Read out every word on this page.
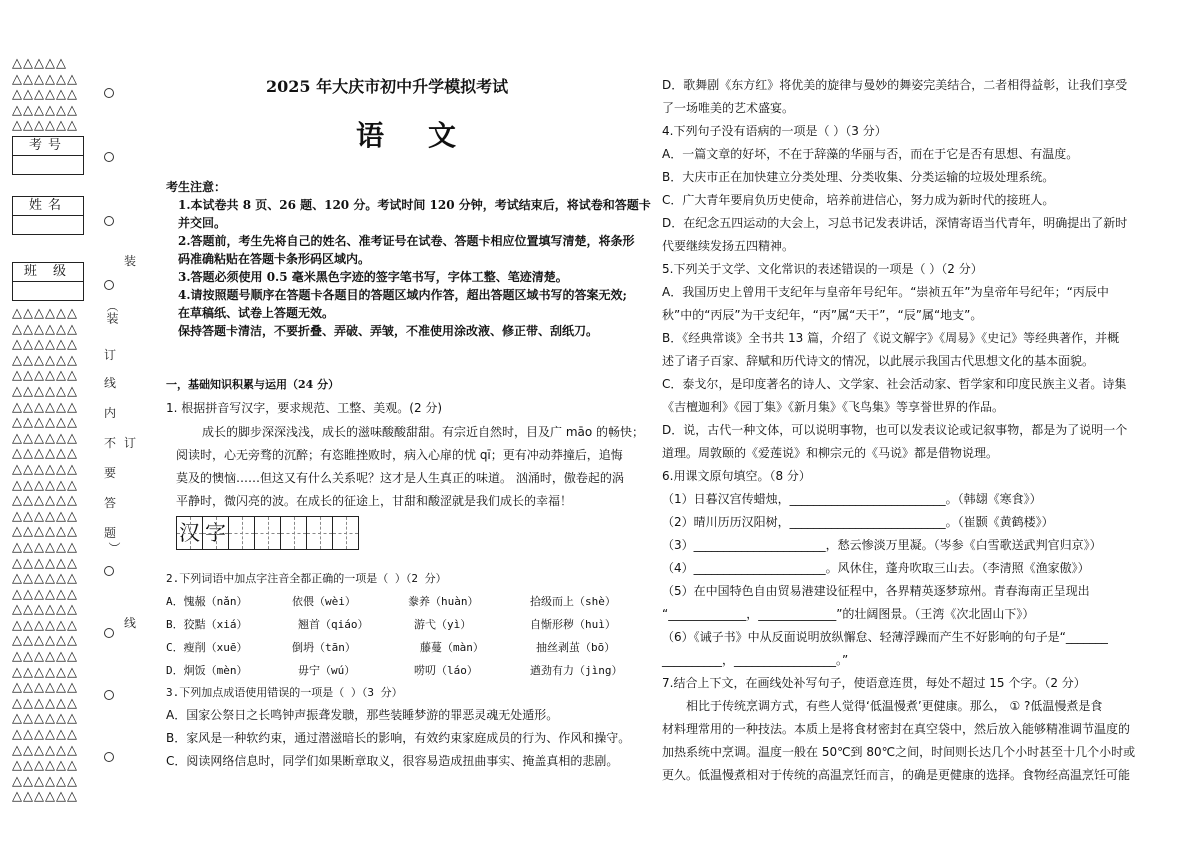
△△△△△
△△△△△△
△△△△△△
△△△△△△
△△△△△△
考号
姓名
班 级
△△△△△△
△△△△△△
△△△△△△
△△△△△△
△△△△△△
△△△△△△
△△△△△△
△△△△△△
△△△△△△
△△△△△△
△△△△△△
△△△△△△
△△△△△△
△△△△△△
△△△△△△
△△△△△△
△△△△△△
△△△△△△
△△△△△△
△△△△△△
△△△△△△
△△△△△△
△△△△△△
△△△△△△
△△△△△△
△△△△△△
△△△△△△
△△△△△△
△△△△△△
△△△△△△
△△△△△△
△△△△△△
装
（装
订
线
内
不 订
要
答
题
）
线
2025 年大庆市初中升学模拟考试
语　文
考生注意：
1.本试卷共 8 页、26 题、120 分。考试时间 120 分钟，考试结束后，将试卷和答题卡
并交回。
2.答题前，考生先将自己的姓名、准考证号在试卷、答题卡相应位置填写清楚，将条形
码准确粘贴在答题卡条形码区域内。
3.答题必须使用 0.5 毫米黑色字迹的签字笔书写，字体工整、笔迹清楚。
4.请按照题号顺序在答题卡各题目的答题区域内作答，超出答题区域书写的答案无效;
在草稿纸、试卷上答题无效。
保持答题卡清洁，不要折叠、弄破、弄皱，不准使用涂改液、修正带、刮纸刀。
一，基础知识积累与运用（24 分）
1. 根据拼音写汉字，要求规范、工整、美观。(2 分)
成长的脚步深深浅浅，成长的滋味酸酸甜甜。有宗近自然时，目及广 māo 的畅快；
阅读时，心无旁骛的沉醉；有恣睢挫败时，病入心扉的忧 qī；更有冲动莽撞后，追悔
莫及的懊恼……但这又有什么关系呢？这才是人生真正的味道。 汹涌时，傲卷起的涡
平静时，微闪亮的波。在成长的征途上，甘甜和酸涩就是我们成长的幸福！
汉 字
2.下列词语中加点字注音全都正确的一项是（ ）（2 分）
A．愧赧（nǎn）	依偎（wèi）	豢养（huàn）	拾级而上（shè）
B．狡黠（xiá）	翘首（qiáo）	游弋（yì）	自惭形秽（huì）
C．瘦削（xuē）	倒坍（tān）	藤蔓（màn）	抽丝剥茧（bō）
D．炯饭（mèn）	毋宁（wú）	唠叨（láo）	遒劲有力（jìng）
3.下列加点成语使用错误的一项是（ ）（3 分）
A．国家公祭日之长鸣钟声振聋发聩，那些装睡梦游的罪恶灵魂无处遁形。
B．家风是一种软约束，通过潜滋暗长的影响，有效约束家庭成员的行为、作风和操守。
C．阅读网络信息时，同学们如果断章取义，很容易造成扭曲事实、掩盖真相的悲剧。
D．歌舞剧《东方红》将优美的旋律与曼妙的舞姿完美结合，二者相得益彰，让我们享受
了一场唯美的艺术盛宴。
4.下列句子没有语病的一项是（ ）（3 分）
A．一篇文章的好坏，不在于辞藻的华丽与否，而在于它是否有思想、有温度。
B．大庆市正在加快建立分类处理、分类收集、分类运输的垃圾处理系统。
C．广大青年要肩负历史使命，培养前进信心，努力成为新时代的接班人。
D．在纪念五四运动的大会上，习总书记发表讲话，深情寄语当代青年，明确提出了新时
代要继续发扬五四精神。
5.下列关于文学、文化常识的表述错误的一项是（ ）（2 分）
A．我国历史上曾用干支纪年与皇帝年号纪年。“崇祯五年”为皇帝年号纪年；“丙辰中
秋”中的“丙辰”为干支纪年，“丙”属“天干”，“辰”属“地支”。
B．《经典常谈》全书共 13 篇，介绍了《说文解字》《周易》《史记》等经典著作，并概
述了诸子百家、辞赋和历代诗文的情况，以此展示我国古代思想文化的基本面貌。
C．泰戈尔，是印度著名的诗人、文学家、社会活动家、哲学家和印度民族主义者。诗集
《吉檀迦利》《园丁集》《新月集》《飞鸟集》等享誉世界的作品。
D．说，古代一种文体，可以说明事物，也可以发表议论或记叙事物，都是为了说明一个
道理。周敦颐的《爱莲说》和柳宗元的《马说》都是借物说理。
6.用课文原句填空。（8 分）
（1）日暮汉宫传蜡烛，__________________________。（韩翃《寒食》）
（2）晴川历历汉阳树，__________________________。（崔颢《黄鹤楼》）
（3）______________________，愁云惨淡万里凝。（岑参《白雪歌送武判官归京》）
（4）______________________。风休住，蓬舟吹取三山去。（李清照《渔家傲》）
（5）在中国特色自由贸易港建设征程中，各界精英逐梦琼州。青春海南正呈现出
“_____________，_____________”的壮阔图景。（王湾《次北固山下》）
（6）《诫子书》中从反面说明放纵懈怠、轻薄浮躁而产生不好影响的句子是“_______
__________，_________________。”
7.结合上下文，在画线处补写句子，使语意连贯，每处不超过 15 个字。（2 分）
相比于传统烹调方式，有些人觉得‘低温慢煮’更健康。那么， ① ?低温慢煮是食
材料理常用的一种技法。本质上是将食材密封在真空袋中，然后放入能够精准调节温度的
加热系统中烹调。温度一般在 50℃到 80℃之间，时间则长达几个小时甚至十几个小时或
更久。低温慢煮相对于传统的高温烹饪而言，的确是更健康的选择。食物经高温烹饪可能
